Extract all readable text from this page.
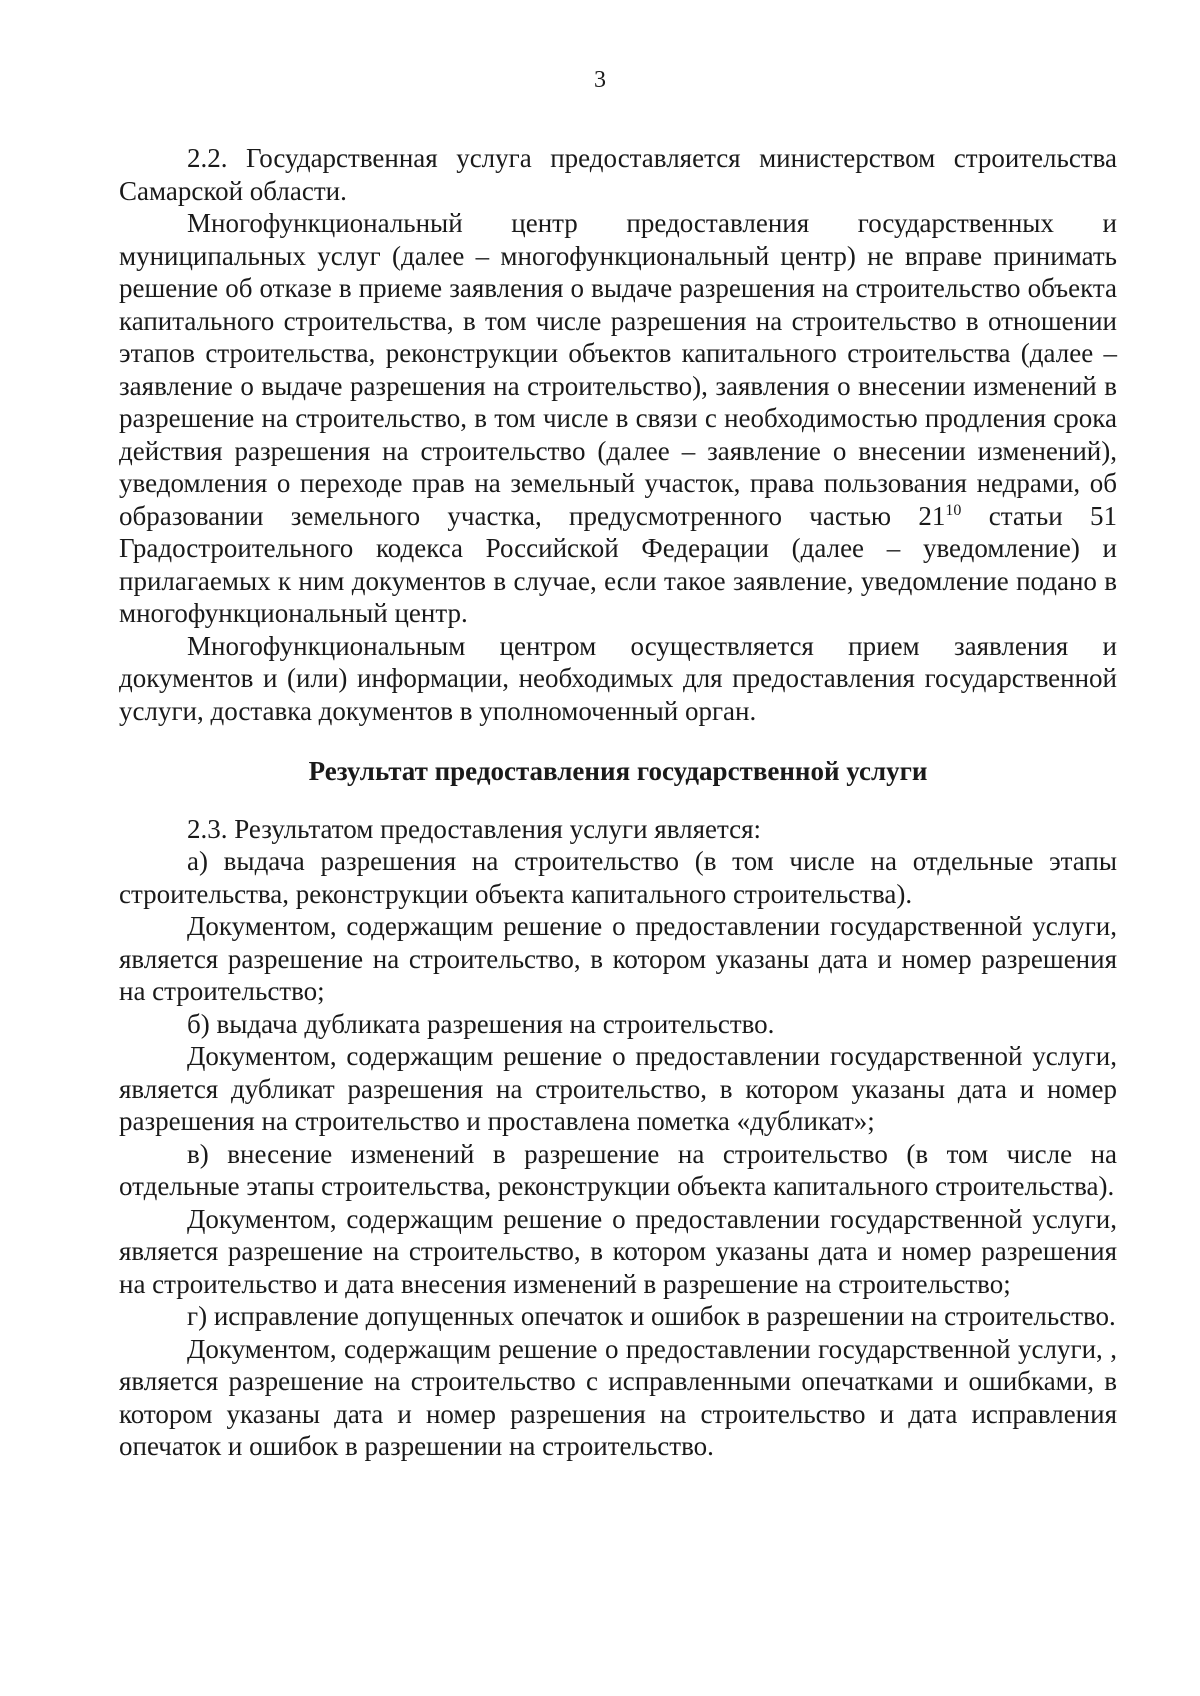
3

2.2. Государственная услуга предоставляется министерством строительства Самарской области.

Многофункциональный центр предоставления государственных и муниципальных услуг (далее – многофункциональный центр) не вправе принимать решение об отказе в приеме заявления о выдаче разрешения на строительство объекта капитального строительства, в том числе разрешения на строительство в отношении этапов строительства, реконструкции объектов капитального строительства (далее – заявление о выдаче разрешения на строительство), заявления о внесении изменений в разрешение на строительство, в том числе в связи с необходимостью продления срока действия разрешения на строительство (далее – заявление о внесении изменений), уведомления о переходе прав на земельный участок, права пользования недрами, об образовании земельного участка, предусмотренного частью $21^{10}$ статьи 51 Градостроительного кодекса Российской Федерации (далее – уведомление) и прилагаемых к ним документов в случае, если такое заявление, уведомление подано в многофункциональный центр.

Многофункциональным центром осуществляется прием заявления и документов и (или) информации, необходимых для предоставления государственной услуги, доставка документов в уполномоченный орган.

Результат предоставления государственной услуги

2.3. Результатом предоставления услуги является:

а) выдача разрешения на строительство (в том числе на отдельные этапы строительства, реконструкции объекта капитального строительства).

Документом, содержащим решение о предоставлении государственной услуги, является разрешение на строительство, в котором указаны дата и номер разрешения на строительство;

б) выдача дубликата разрешения на строительство.

Документом, содержащим решение о предоставлении государственной услуги, является дубликат разрешения на строительство, в котором указаны дата и номер разрешения на строительство и проставлена пометка «дубликат»;

в) внесение изменений в разрешение на строительство (в том числе на отдельные этапы строительства, реконструкции объекта капитального строительства).

Документом, содержащим решение о предоставлении государственной услуги, является разрешение на строительство, в котором указаны дата и номер разрешения на строительство и дата внесения изменений в разрешение на строительство;

г) исправление допущенных опечаток и ошибок в разрешении на строительство.

Документом, содержащим решение о предоставлении государственной услуги, , является разрешение на строительство с исправленными опечатками и ошибками, в котором указаны дата и номер разрешения на строительство и дата исправления опечаток и ошибок в разрешении на строительство.
